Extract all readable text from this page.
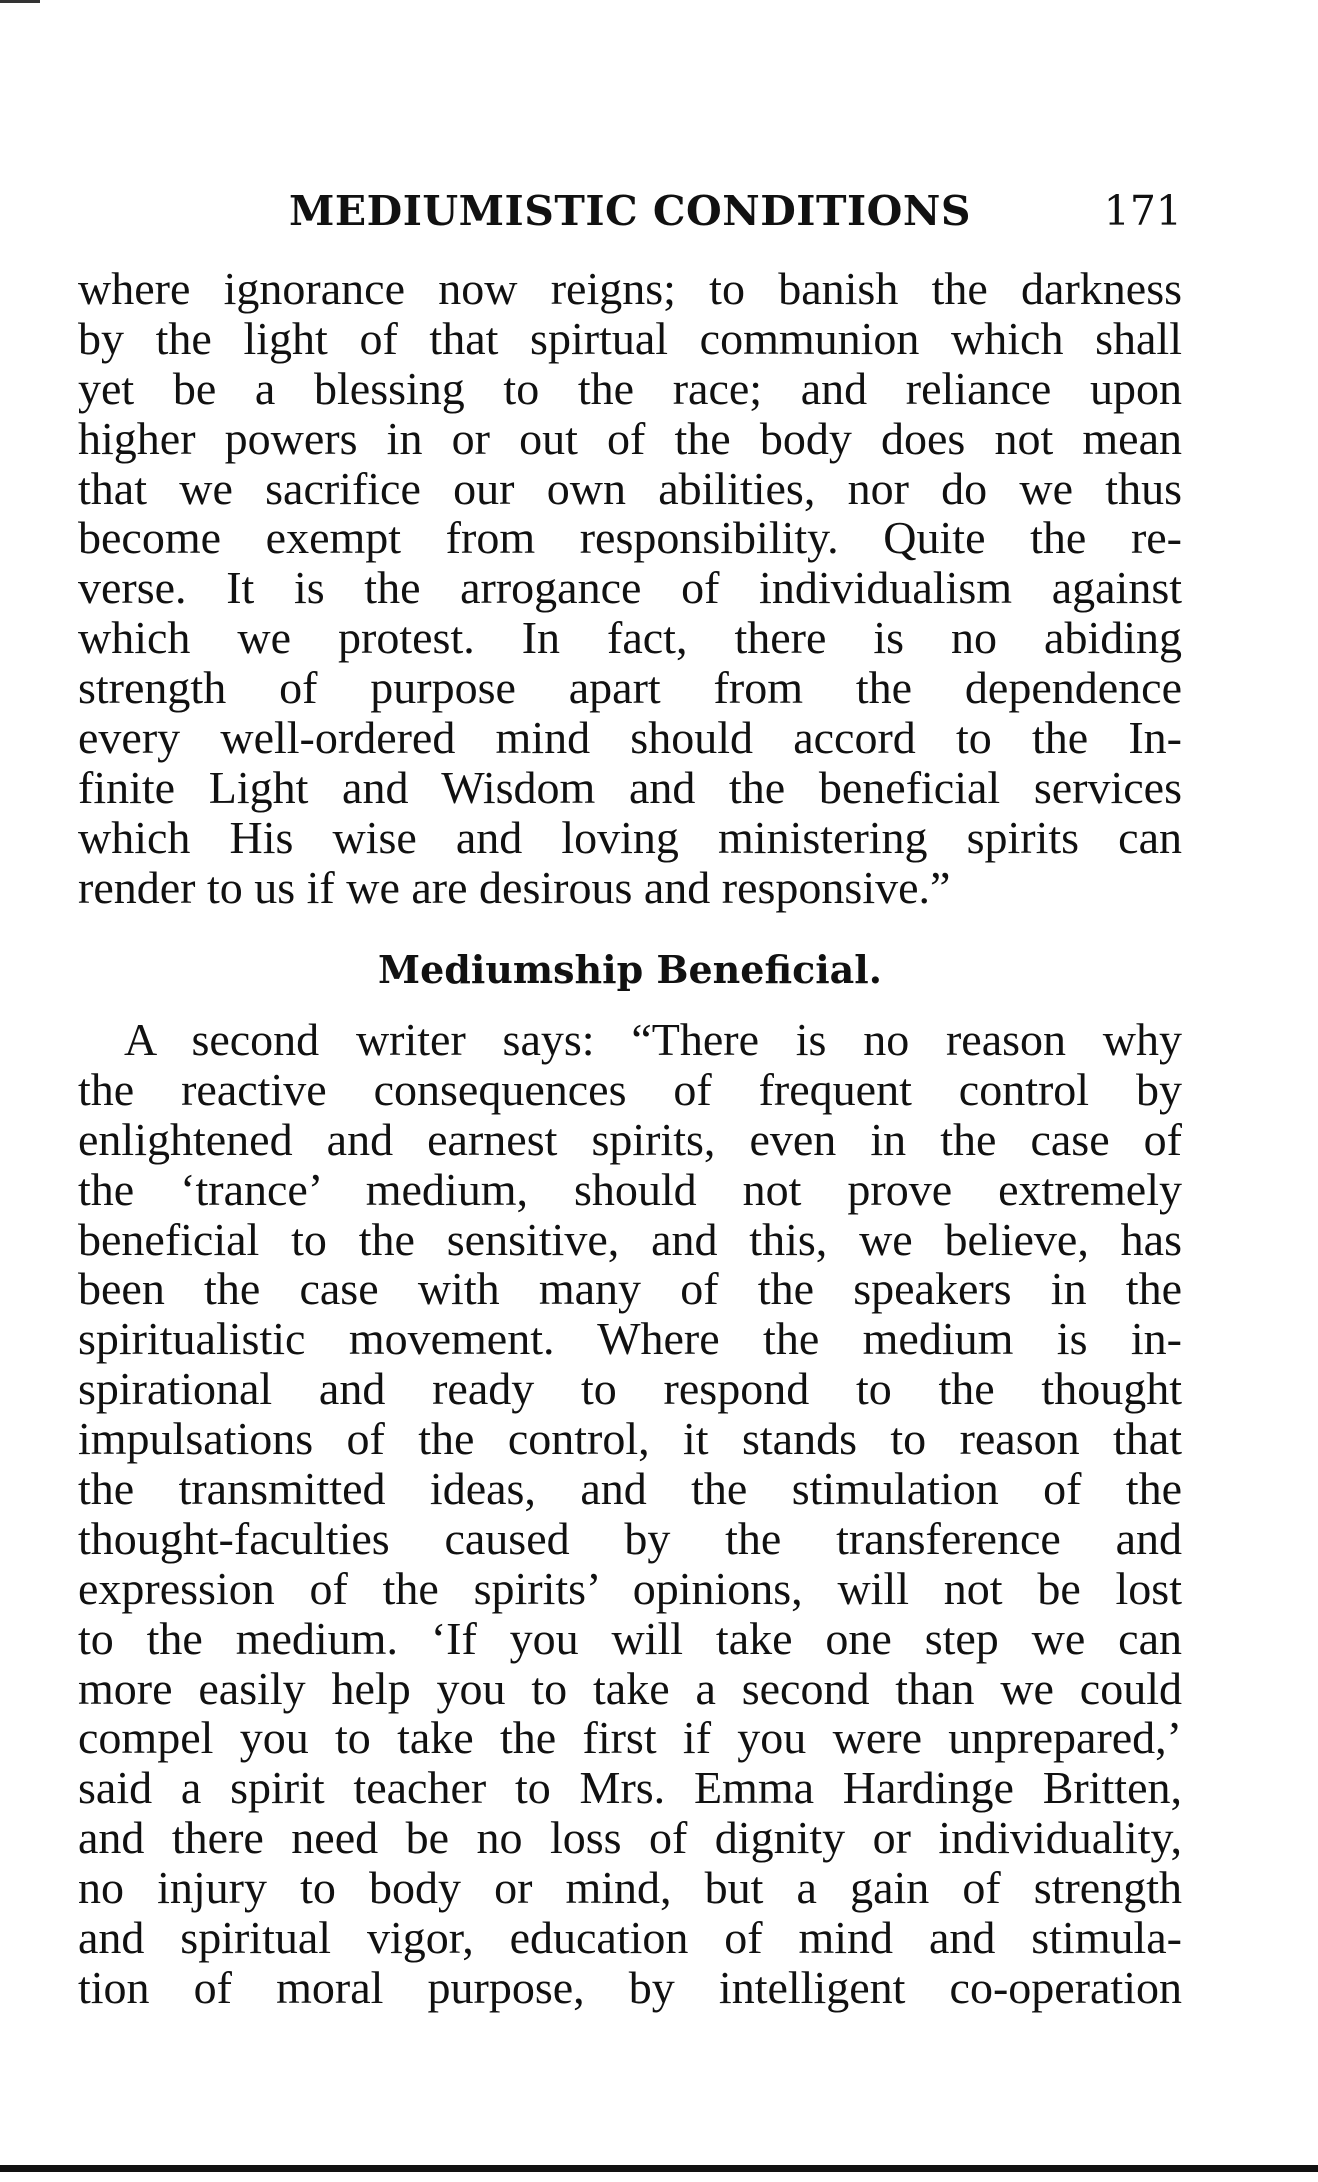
MEDIUMISTIC CONDITIONS	171
where ignorance now reigns; to banish the darkness
by the light of that spirtual communion which shall
yet be a blessing to the race; and reliance upon
higher powers in or out of the body does not mean
that we sacrifice our own abilities, nor do we thus
become exempt from responsibility. Quite the re-
verse. It is the arrogance of individualism against
which we protest. In fact, there is no abiding
strength of purpose apart from the dependence
every well-ordered mind should accord to the In-
finite Light and Wisdom and the beneficial services
which His wise and loving ministering spirits can
render to us if we are desirous and responsive.”
Mediumship Beneficial.
A second writer says: “There is no reason why
the reactive consequences of frequent control by
enlightened and earnest spirits, even in the case of
the ‘trance’ medium, should not prove extremely
beneficial to the sensitive, and this, we believe, has
been the case with many of the speakers in the
spiritualistic movement. Where the medium is in-
spirational and ready to respond to the thought
impulsations of the control, it stands to reason that
the transmitted ideas, and the stimulation of the
thought-faculties caused by the transference and
expression of the spirits’ opinions, will not be lost
to the medium. ‘If you will take one step we can
more easily help you to take a second than we could
compel you to take the first if you were unprepared,’
said a spirit teacher to Mrs. Emma Hardinge Britten,
and there need be no loss of dignity or individuality,
no injury to body or mind, but a gain of strength
and spiritual vigor, education of mind and stimula-
tion of moral purpose, by intelligent co-operation
